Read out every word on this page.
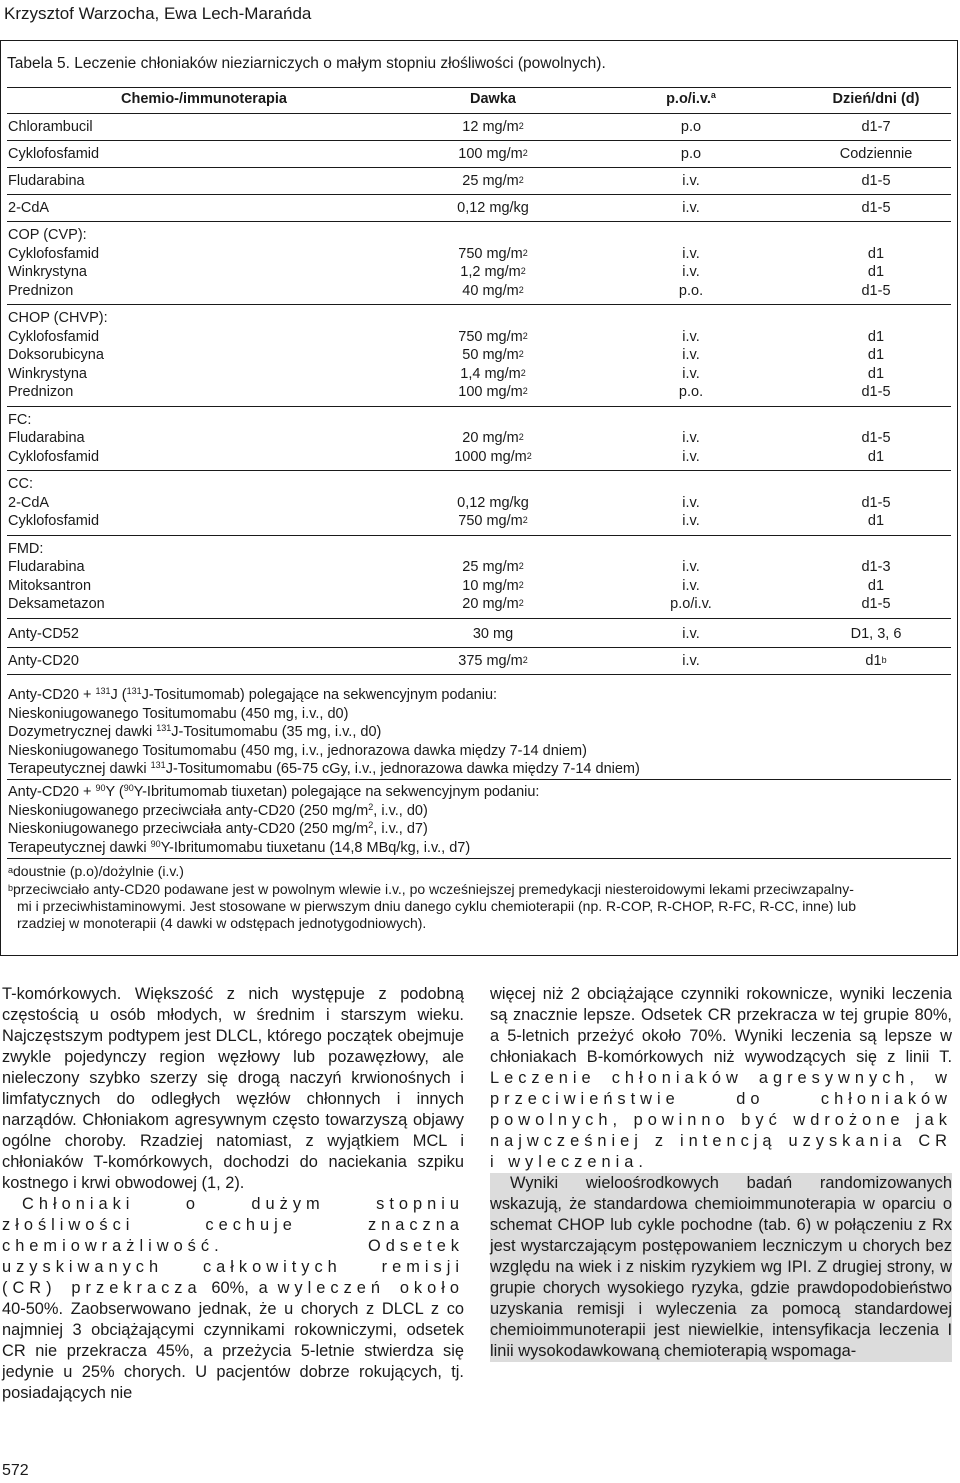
Krzysztof Warzocha, Ewa Lech-Marańda
Tabela 5. Leczenie chłoniaków nieziarniczych o małym stopniu złośliwości (powolnych).
Chemio-/immunoterapia	Dawka	p.o/i.v.$^a$	Dzień/dni (d)
Chlorambucil	12 $mg/m^2$	p.o	d1-7
Cyklofosfamid	100 $mg/m^2$	p.o	Codziennie
Fludarabina	25 $mg/m^2$	i.v.	d1-5
2-CdA	0,12 mg/kg	i.v.	d1-5
COP (CVP):
Cyklofosfamid	750 $mg/m^2$	i.v.	d1
Winkrystyna	1,2 $mg/m^2$	i.v.	d1
Prednizon	40 $mg/m^2$	p.o.	d1-5
CHOP (CHVP):
Cyklofosfamid	750 $mg/m^2$	i.v.	d1
Doksorubicyna	50 $mg/m^2$	i.v.	d1
Winkrystyna	1,4 $mg/m^2$	i.v.	d1
Prednizon	100 $mg/m^2$	p.o.	d1-5
FC:
Fludarabina	20 $mg/m^2$	i.v.	d1-5
Cyklofosfamid	1000 $mg/m^2$	i.v.	d1
CC:
2-CdA	0,12 mg/kg	i.v.	d1-5
Cyklofosfamid	750 $mg/m^2$	i.v.	d1
FMD:
Fludarabina	25 $mg/m^2$	i.v.	d1-3
Mitoksantron	10 $mg/m^2$	i.v.	d1
Deksametazon	20 $mg/m^2$	p.o/i.v.	d1-5
Anty-CD52	30 mg	i.v.	D1, 3, 6
Anty-CD20	375 $mg/m^2$	i.v.	d1$^b$
Anty-CD20 + $^{131}$J ($^{131}$J-Tositumomab) polegające na sekwencyjnym podaniu:
Nieskoniugowanego Tositumomabu (450 mg, i.v., d0)
Dozymetrycznej dawki $^{131}$J-Tositumomabu (35 mg, i.v., d0)
Nieskoniugowanego Tositumomabu (450 mg, i.v., jednorazowa dawka między 7-14 dniem)
Terapeutycznej dawki $^{131}$J-Tositumomabu (65-75 cGy, i.v., jednorazowa dawka między 7-14 dniem)
Anty-CD20 + $^{90}$Y ($^{90}$Y-Ibritumomab tiuxetan) polegające na sekwencyjnym podaniu:
Nieskoniugowanego przeciwciała anty-CD20 (250 $mg/m^2$, i.v., d0)
Nieskoniugowanego przeciwciała anty-CD20 (250 $mg/m^2$, i.v., d7)
Terapeutycznej dawki $^{90}$Y-Ibritumomabu tiuxetanu (14,8 MBq/kg, i.v., d7)
$^a$doustnie (p.o)/dożylnie (i.v.)
$^b$przeciwciało anty-CD20 podawane jest w powolnym wlewie i.v., po wcześniejszej premedykacji niesteroidowymi lekami przeciwzapalny-
mi i przeciwhistaminowymi. Jest stosowane w pierwszym dniu danego cyklu chemioterapii (np. R-COP, R-CHOP, R-FC, R-CC, inne) lub
rzadziej w monoterapii (4 dawki w odstępach jednotygodniowych).
T-komórkowych. Większość z nich występuje z podobną częstością u osób młodych, w średnim i starszym wieku. Najczęstszym podtypem jest DLCL, którego początek obejmuje zwykle pojedynczy region węzłowy lub pozawęzłowy, ale nieleczony szybko szerzy się drogą naczyń krwionośnych i limfatycznych do odległych węzłów chłonnych i innych narządów. Chłoniakom agresywnym często towarzyszą objawy ogólne choroby. Rzadziej natomiast, z wyjątkiem MCL i chłoniaków T-komórkowych, dochodzi do naciekania szpiku kostnego i krwi obwodowej (1, 2).
Chłoniaki o dużym stopniu złośliwości cechuje znaczna chemiowrażliwość. Odsetek uzyskiwanych całkowitych remisji (CR) przekracza 60%, a wyleczeń około 40-50%. Zaobserwowano jednak, że u chorych z DLCL z co najmniej 3 obciążającymi czynnikami rokowniczymi, odsetek CR nie przekracza 45%, a przeżycia 5-letnie stwierdza się jedynie u 25% chorych. U pacjentów dobrze rokujących, tj. posiadających nie
więcej niż 2 obciążające czynniki rokownicze, wyniki leczenia są znacznie lepsze. Odsetek CR przekracza w tej grupie 80%, a 5-letnich przeżyć około 70%. Wyniki leczenia są lepsze w chłoniakach B-komórkowych niż wywodzących się z linii T. Leczenie chłoniaków agresywnych, w przeciwieństwie do chłoniaków powolnych, powinno być wdrożone jak najwcześniej z intencją uzyskania CR i wyleczenia.
Wyniki wieloośrodkowych badań randomizowanych wskazują, że standardowa chemioimmunoterapia w oparciu o schemat CHOP lub cykle pochodne (tab. 6) w połączeniu z Rx jest wystarczającym postępowaniem leczniczym u chorych bez względu na wiek i z niskim ryzykiem wg IPI. Z drugiej strony, w grupie chorych wysokiego ryzyka, gdzie prawdopodobieństwo uzyskania remisji i wyleczenia za pomocą standardowej chemioimmunoterapii jest niewielkie, intensyfikacja leczenia I linii wysokodawkowaną chemioterapią wspomaga-
572
